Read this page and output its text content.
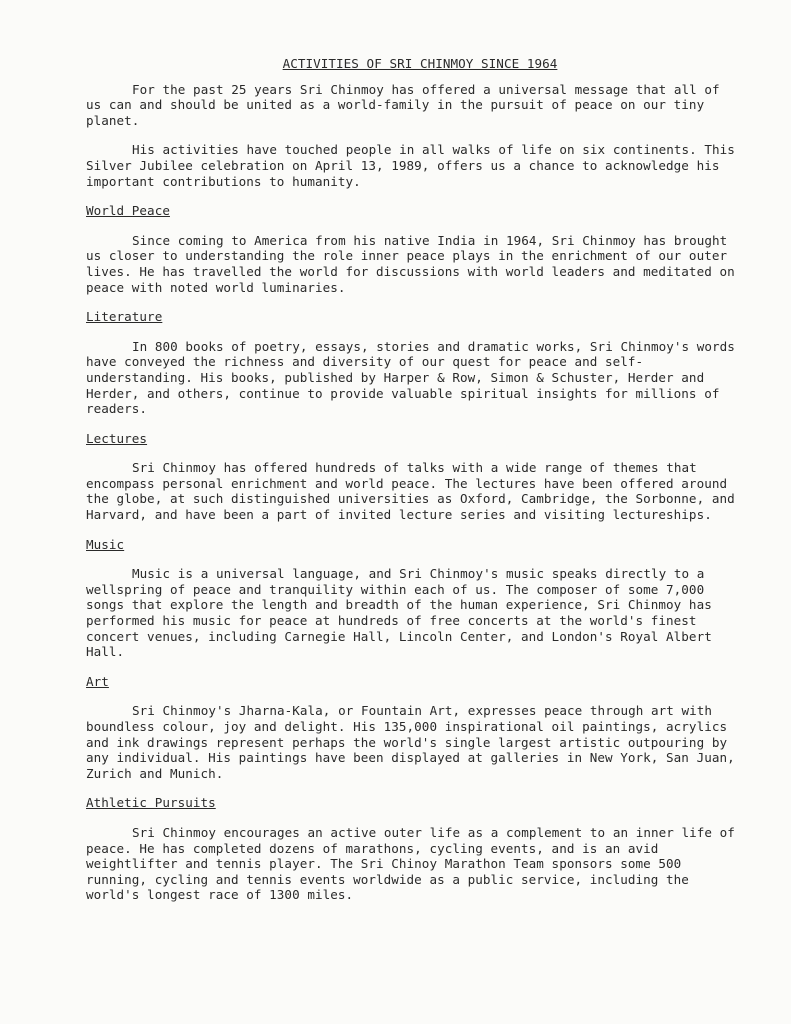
ACTIVITIES OF SRI CHINMOY SINCE 1964

For the past 25 years Sri Chinmoy has offered a universal message that all of us can and should be united as a world-family in the pursuit of peace on our tiny planet.

His activities have touched people in all walks of life on six continents. This Silver Jubilee celebration on April 13, 1989, offers us a chance to acknowledge his important contributions to humanity.

World Peace

Since coming to America from his native India in 1964, Sri Chinmoy has brought us closer to understanding the role inner peace plays in the enrichment of our outer lives. He has travelled the world for discussions with world leaders and meditated on peace with noted world luminaries.

Literature

In 800 books of poetry, essays, stories and dramatic works, Sri Chinmoy's words have conveyed the richness and diversity of our quest for peace and self-understanding. His books, published by Harper & Row, Simon & Schuster, Herder and Herder, and others, continue to provide valuable spiritual insights for millions of readers.

Lectures

Sri Chinmoy has offered hundreds of talks with a wide range of themes that encompass personal enrichment and world peace. The lectures have been offered around the globe, at such distinguished universities as Oxford, Cambridge, the Sorbonne, and Harvard, and have been a part of invited lecture series and visiting lectureships.

Music

Music is a universal language, and Sri Chinmoy's music speaks directly to a wellspring of peace and tranquility within each of us. The composer of some 7,000 songs that explore the length and breadth of the human experience, Sri Chinmoy has performed his music for peace at hundreds of free concerts at the world's finest concert venues, including Carnegie Hall, Lincoln Center, and London's Royal Albert Hall.

Art

Sri Chinmoy's Jharna-Kala, or Fountain Art, expresses peace through art with boundless colour, joy and delight. His 135,000 inspirational oil paintings, acrylics and ink drawings represent perhaps the world's single largest artistic outpouring by any individual. His paintings have been displayed at galleries in New York, San Juan, Zurich and Munich.

Athletic Pursuits

Sri Chinmoy encourages an active outer life as a complement to an inner life of peace. He has completed dozens of marathons, cycling events, and is an avid weightlifter and tennis player. The Sri Chinoy Marathon Team sponsors some 500 running, cycling and tennis events worldwide as a public service, including the world's longest race of 1300 miles.
